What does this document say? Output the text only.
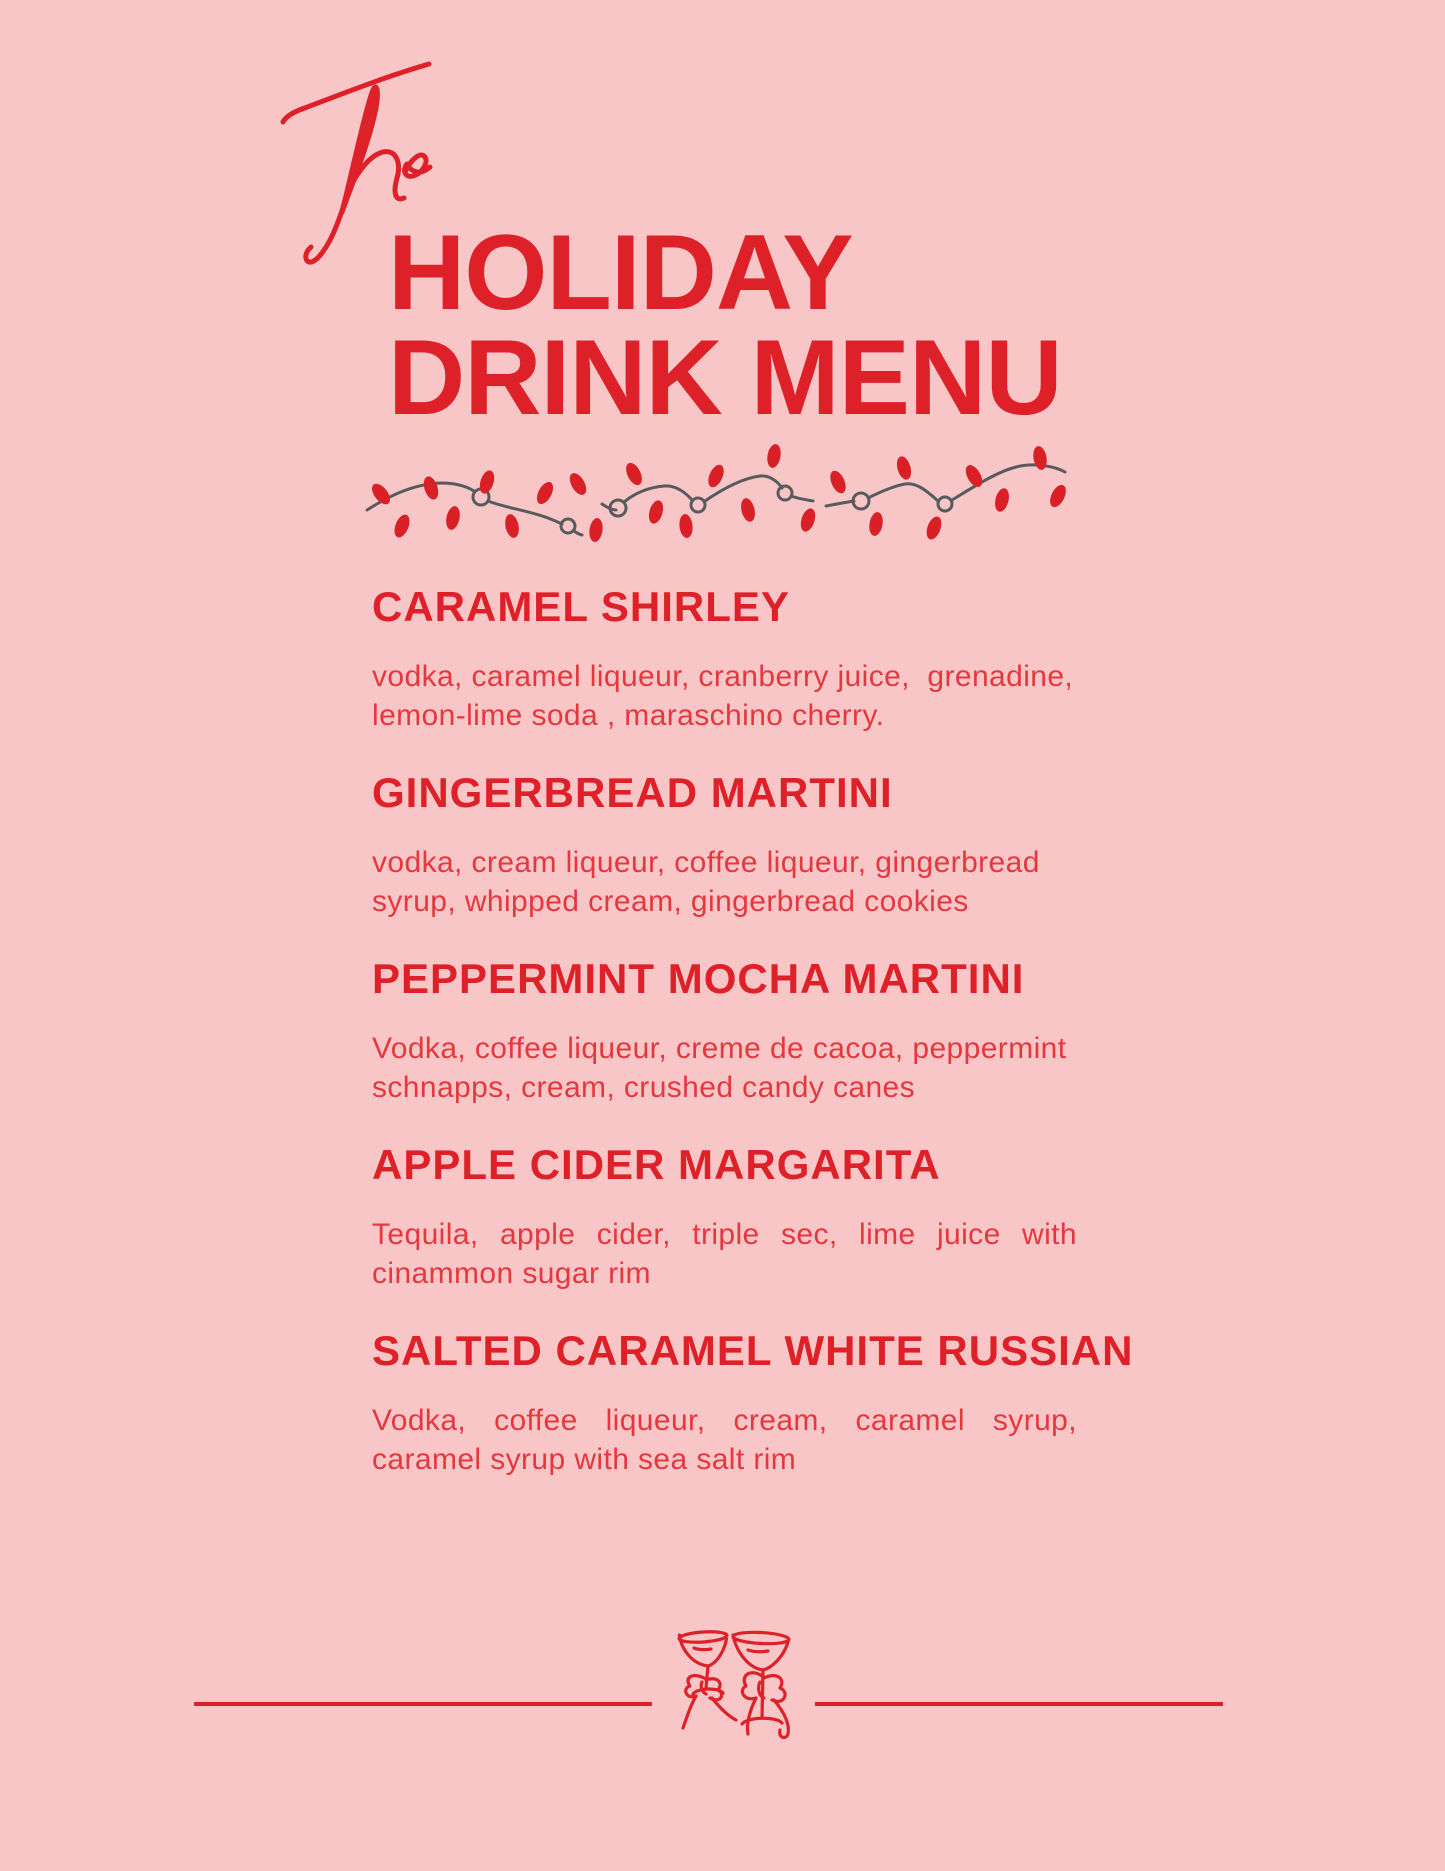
HOLIDAY
DRINK MENU
CARAMEL SHIRLEY

vodka, caramel liqueur, cranberry juice,  grenadine,
lemon-lime soda , maraschino cherry.

GINGERBREAD MARTINI

vodka, cream liqueur, coffee liqueur, gingerbread
syrup, whipped cream, gingerbread cookies

PEPPERMINT MOCHA MARTINI

Vodka, coffee liqueur, creme de cacoa, peppermint
schnapps, cream, crushed candy canes

APPLE CIDER MARGARITA

Tequila, apple cider, triple sec, lime juice with cinammon sugar rim

SALTED CARAMEL WHITE RUSSIAN

Vodka, coffee liqueur, cream, caramel syrup, caramel syrup with sea salt rim
